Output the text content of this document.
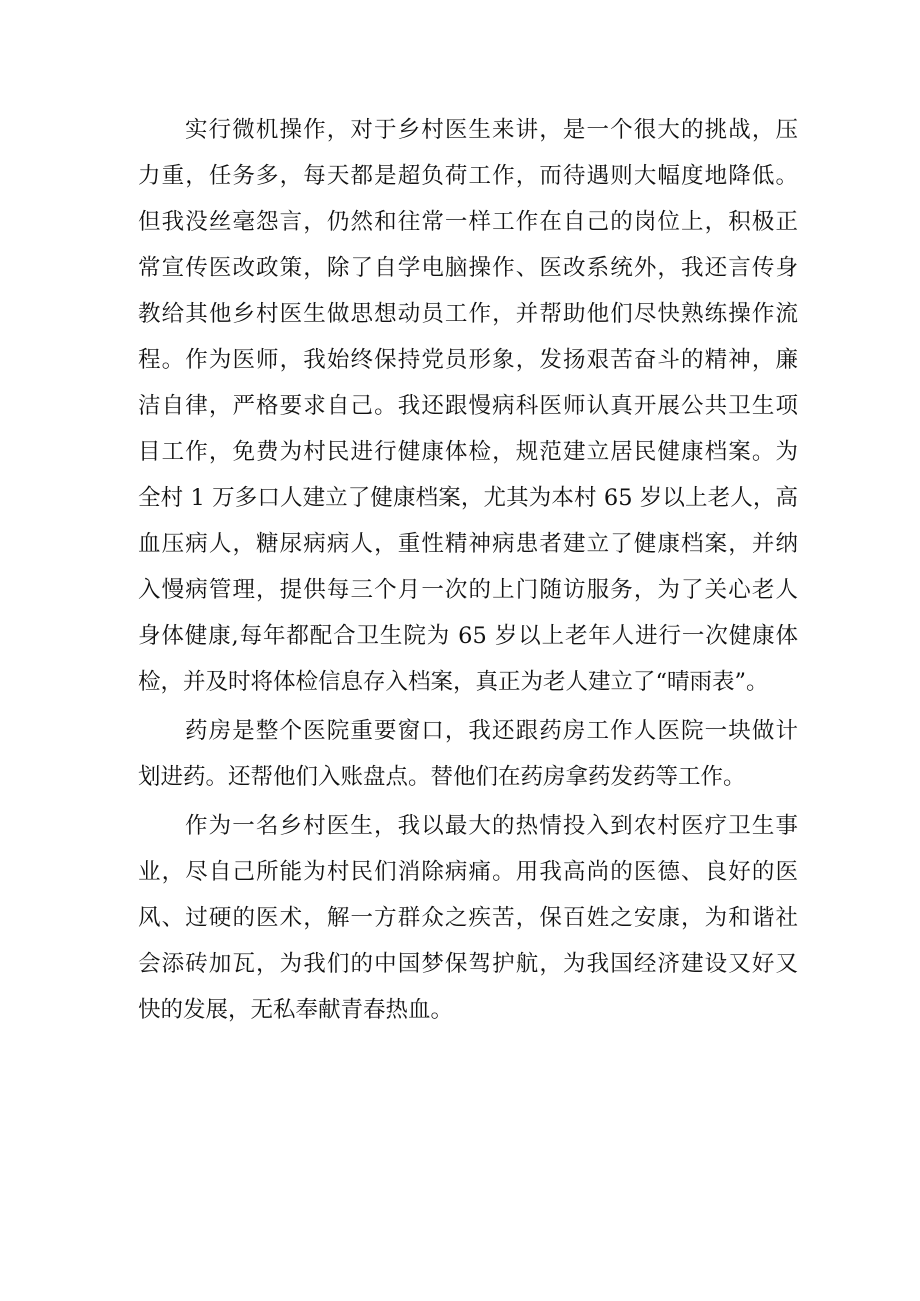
实行微机操作，对于乡村医生来讲，是一个很大的挑战，压
力重，任务多，每天都是超负荷工作，而待遇则大幅度地降低。
但我没丝毫怨言，仍然和往常一样工作在自己的岗位上，积极正
常宣传医改政策，除了自学电脑操作、医改系统外，我还言传身
教给其他乡村医生做思想动员工作，并帮助他们尽快熟练操作流
程。作为医师，我始终保持党员形象，发扬艰苦奋斗的精神，廉
洁自律，严格要求自己。我还跟慢病科医师认真开展公共卫生项
目工作，免费为村民进行健康体检，规范建立居民健康档案。为
全村 1 万多口人建立了健康档案，尤其为本村 65 岁以上老人，高
血压病人，糖尿病病人，重性精神病患者建立了健康档案，并纳
入慢病管理，提供每三个月一次的上门随访服务，为了关心老人
身体健康,每年都配合卫生院为 65 岁以上老年人进行一次健康体
检，并及时将体检信息存入档案，真正为老人建立了“晴雨表”。
药房是整个医院重要窗口，我还跟药房工作人医院一块做计
划进药。还帮他们入账盘点。替他们在药房拿药发药等工作。
作为一名乡村医生，我以最大的热情投入到农村医疗卫生事
业，尽自己所能为村民们消除病痛。用我高尚的医德、良好的医
风、过硬的医术，解一方群众之疾苦，保百姓之安康，为和谐社
会添砖加瓦，为我们的中国梦保驾护航，为我国经济建设又好又
快的发展，无私奉献青春热血。
